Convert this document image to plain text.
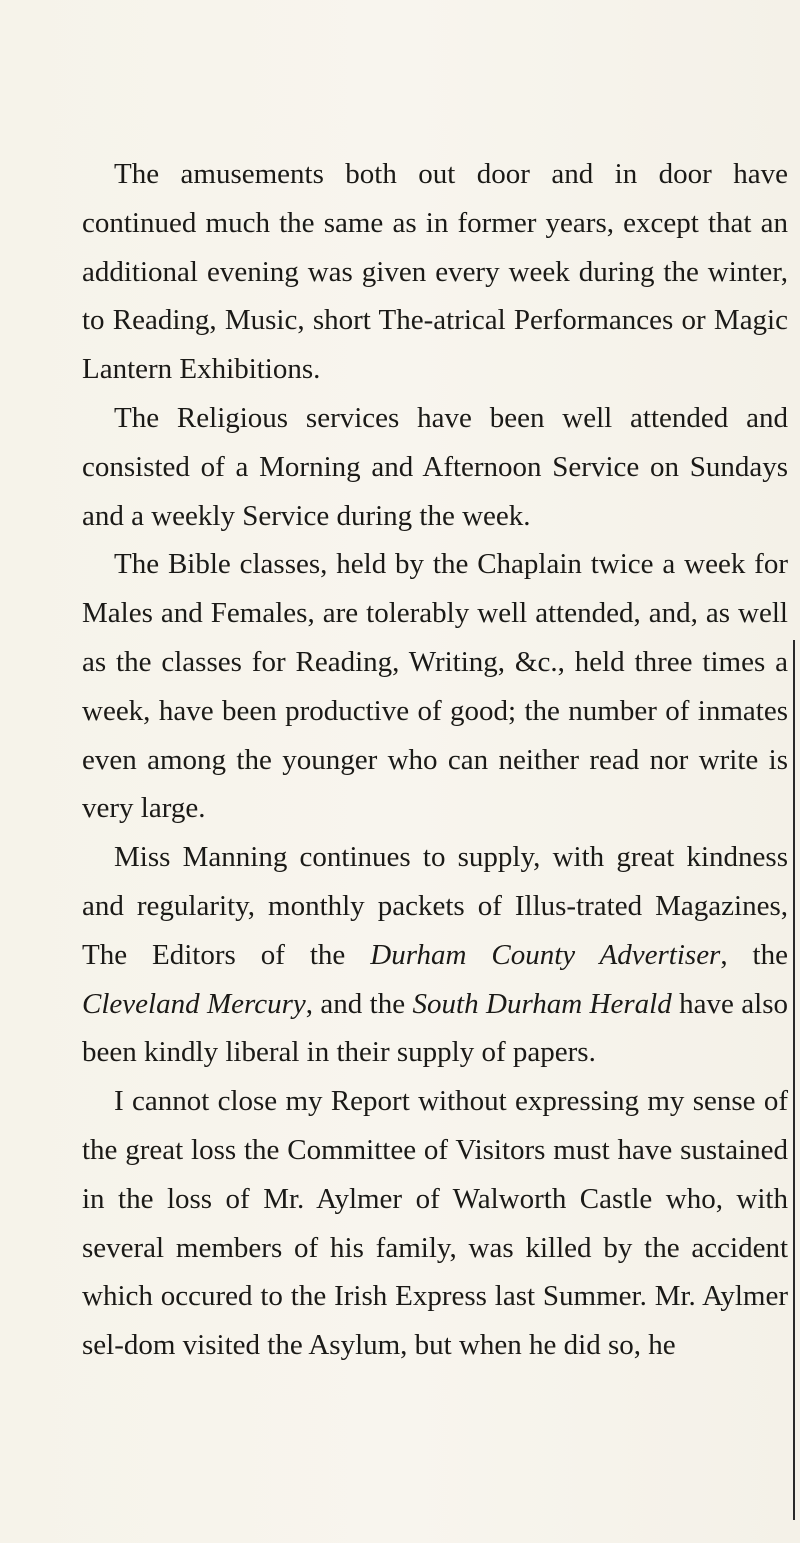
The amusements both out door and in door have continued much the same as in former years, except that an additional evening was given every week during the winter, to Reading, Music, short The-atrical Performances or Magic Lantern Exhibitions.

The Religious services have been well attended and consisted of a Morning and Afternoon Service on Sundays and a weekly Service during the week.

The Bible classes, held by the Chaplain twice a week for Males and Females, are tolerably well attended, and, as well as the classes for Reading, Writing, &c., held three times a week, have been productive of good; the number of inmates even among the younger who can neither read nor write is very large.

Miss Manning continues to supply, with great kindness and regularity, monthly packets of Illus-trated Magazines, The Editors of the Durham County Advertiser, the Cleveland Mercury, and the South Durham Herald have also been kindly liberal in their supply of papers.

I cannot close my Report without expressing my sense of the great loss the Committee of Visitors must have sustained in the loss of Mr. Aylmer of Walworth Castle who, with several members of his family, was killed by the accident which occured to the Irish Express last Summer. Mr. Aylmer sel-dom visited the Asylum, but when he did so, he
